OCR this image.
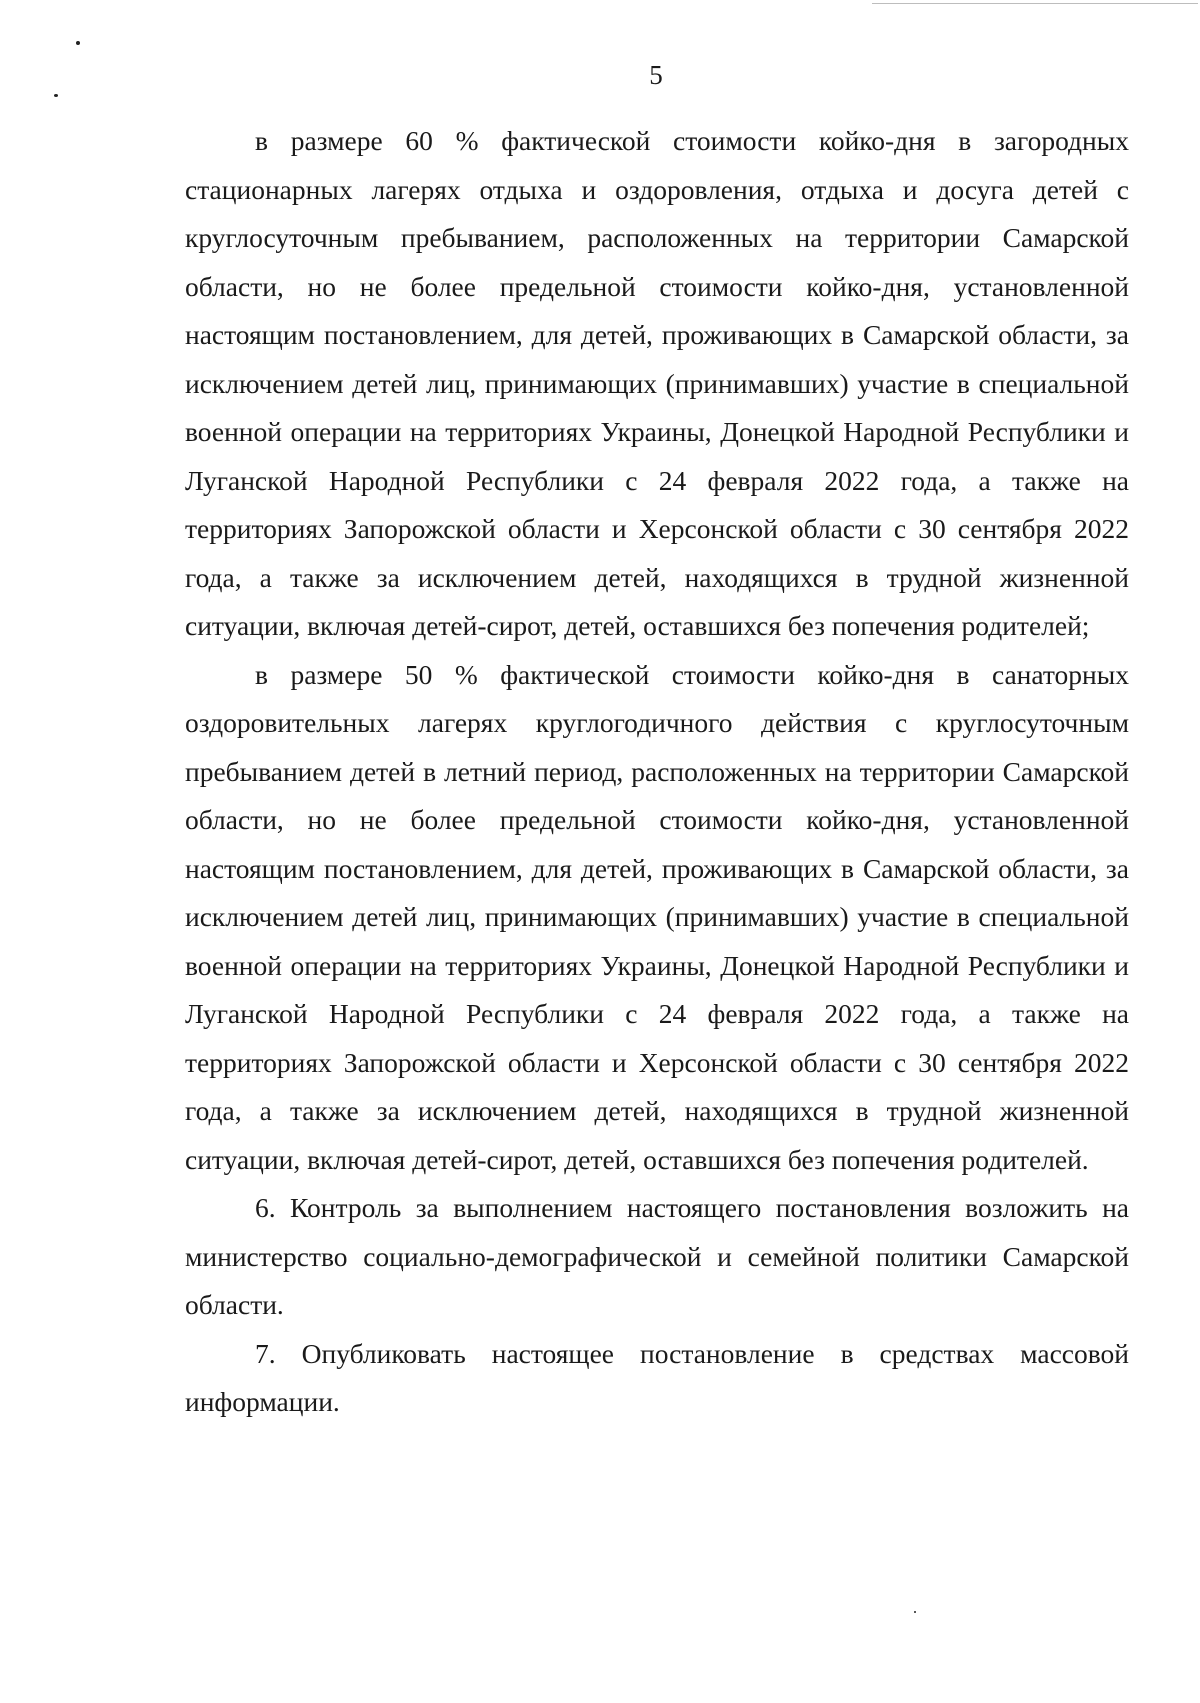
5

в размере 60 % фактической стоимости койко-дня в загородных стационарных лагерях отдыха и оздоровления, отдыха и досуга детей с круглосуточным пребыванием, расположенных на территории Самарской области, но не более предельной стоимости койко-дня, установленной настоящим постановлением, для детей, проживающих в Самарской области, за исключением детей лиц, принимающих (принимавших) участие в специальной военной операции на территориях Украины, Донецкой Народной Республики и Луганской Народной Республики с 24 февраля 2022 года, а также на территориях Запорожской области и Херсонской области с 30 сентября 2022 года, а также за исключением детей, находящихся в трудной жизненной ситуации, включая детей-сирот, детей, оставшихся без попечения родителей;

в размере 50 % фактической стоимости койко-дня в санаторных оздоровительных лагерях круглогодичного действия с круглосуточным пребыванием детей в летний период, расположенных на территории Самарской области, но не более предельной стоимости койко-дня, установленной настоящим постановлением, для детей, проживающих в Самарской области, за исключением детей лиц, принимающих (принимавших) участие в специальной военной операции на территориях Украины, Донецкой Народной Республики и Луганской Народной Республики с 24 февраля 2022 года, а также на территориях Запорожской области и Херсонской области с 30 сентября 2022 года, а также за исключением детей, находящихся в трудной жизненной ситуации, включая детей-сирот, детей, оставшихся без попечения родителей.

6. Контроль за выполнением настоящего постановления возложить на министерство социально-демографической и семейной политики Самарской области.

7. Опубликовать настоящее постановление в средствах массовой информации.
